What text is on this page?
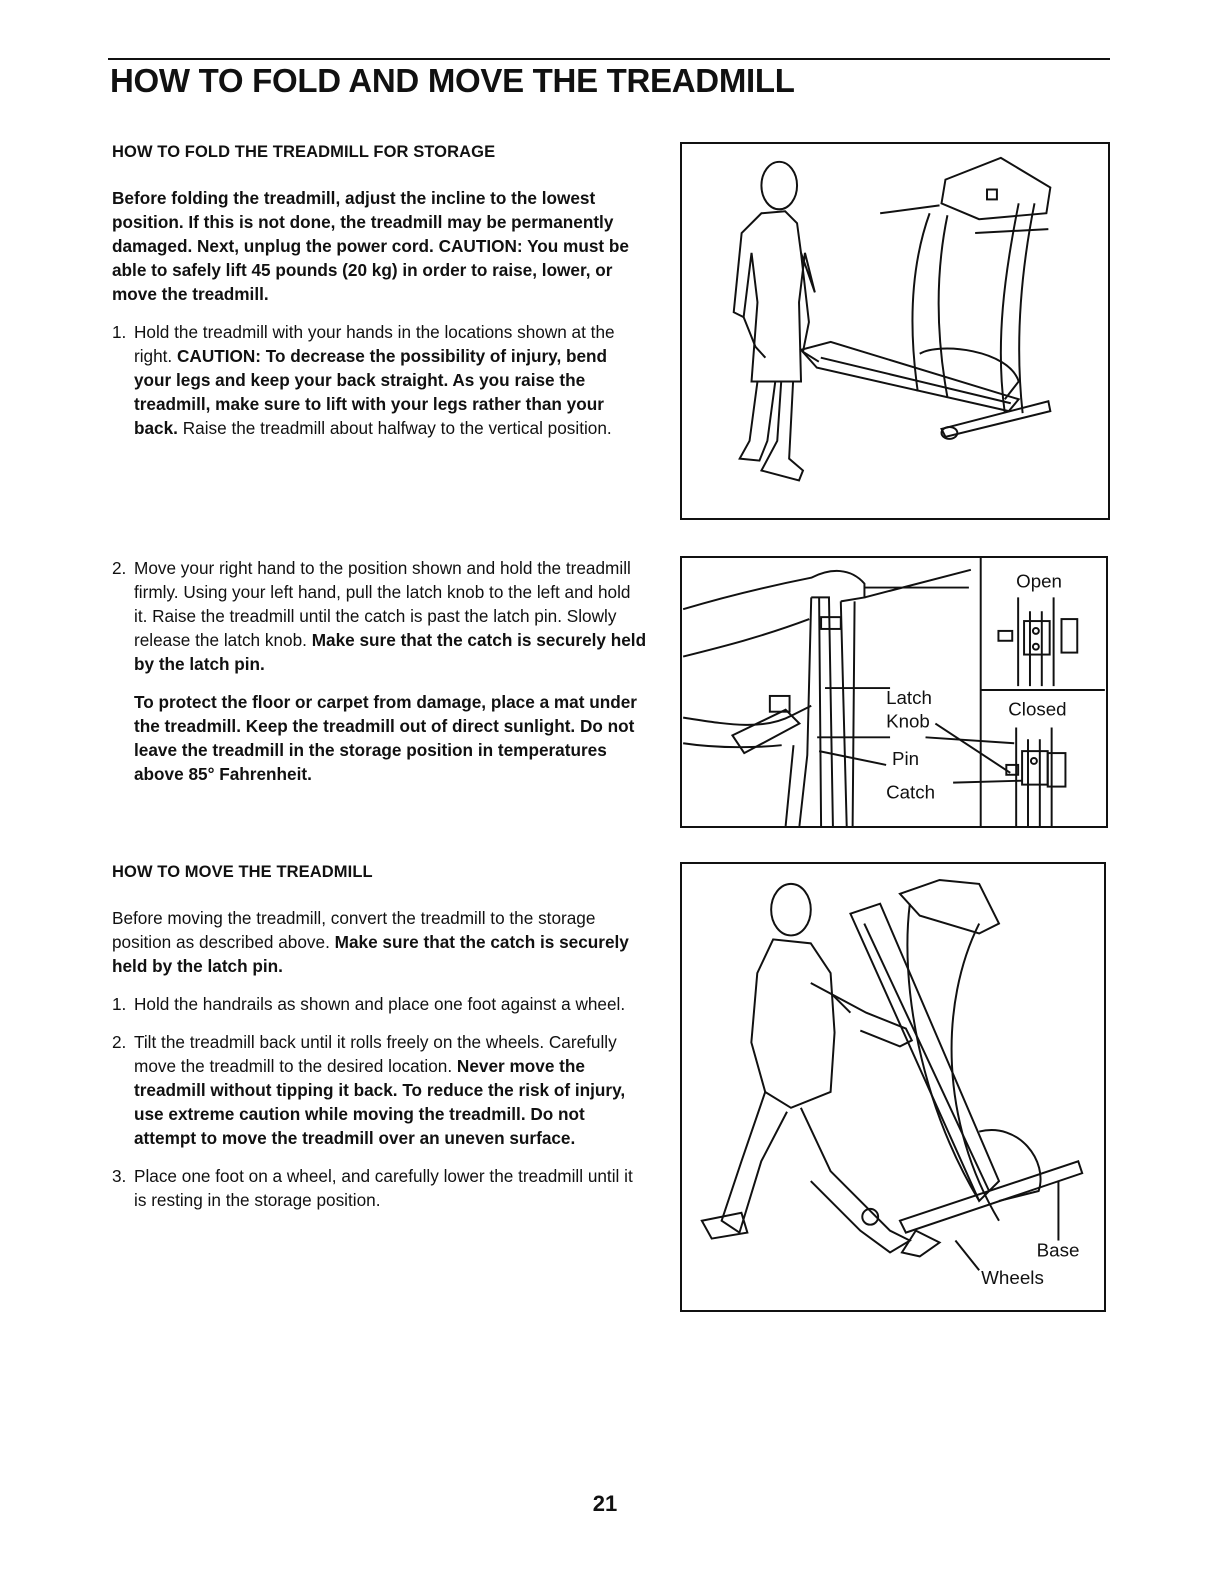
HOW TO FOLD AND MOVE THE TREADMILL

HOW TO FOLD THE TREADMILL FOR STORAGE

Before folding the treadmill, adjust the incline to the lowest position. If this is not done, the treadmill may be permanently damaged. Next, unplug the power cord. CAUTION: You must be able to safely lift 45 pounds (20 kg) in order to raise, lower, or move the treadmill.

1. Hold the treadmill with your hands in the locations shown at the right. CAUTION: To decrease the possibility of injury, bend your legs and keep your back straight. As you raise the treadmill, make sure to lift with your legs rather than your back. Raise the treadmill about halfway to the vertical position.
2. Move your right hand to the position shown and hold the treadmill firmly. Using your left hand, pull the latch knob to the left and hold it. Raise the treadmill until the catch is past the latch pin. Slowly release the latch knob. Make sure that the catch is securely held by the latch pin.

To protect the floor or carpet from damage, place a mat under the treadmill. Keep the treadmill out of direct sunlight. Do not leave the treadmill in the storage position in temperatures above 85° Fahrenheit.

HOW TO MOVE THE TREADMILL

Before moving the treadmill, convert the treadmill to the storage position as described above. Make sure that the catch is securely held by the latch pin.

1. Hold the handrails as shown and place one foot against a wheel.
2. Tilt the treadmill back until it rolls freely on the wheels. Carefully move the treadmill to the desired location. Never move the treadmill without tipping it back. To reduce the risk of injury, use extreme caution while moving the treadmill. Do not attempt to move the treadmill over an uneven surface.
3. Place one foot on a wheel, and carefully lower the treadmill until it is resting in the storage position.
Open
Closed
Latch
Knob
Pin
Catch
Base
Wheels
21
